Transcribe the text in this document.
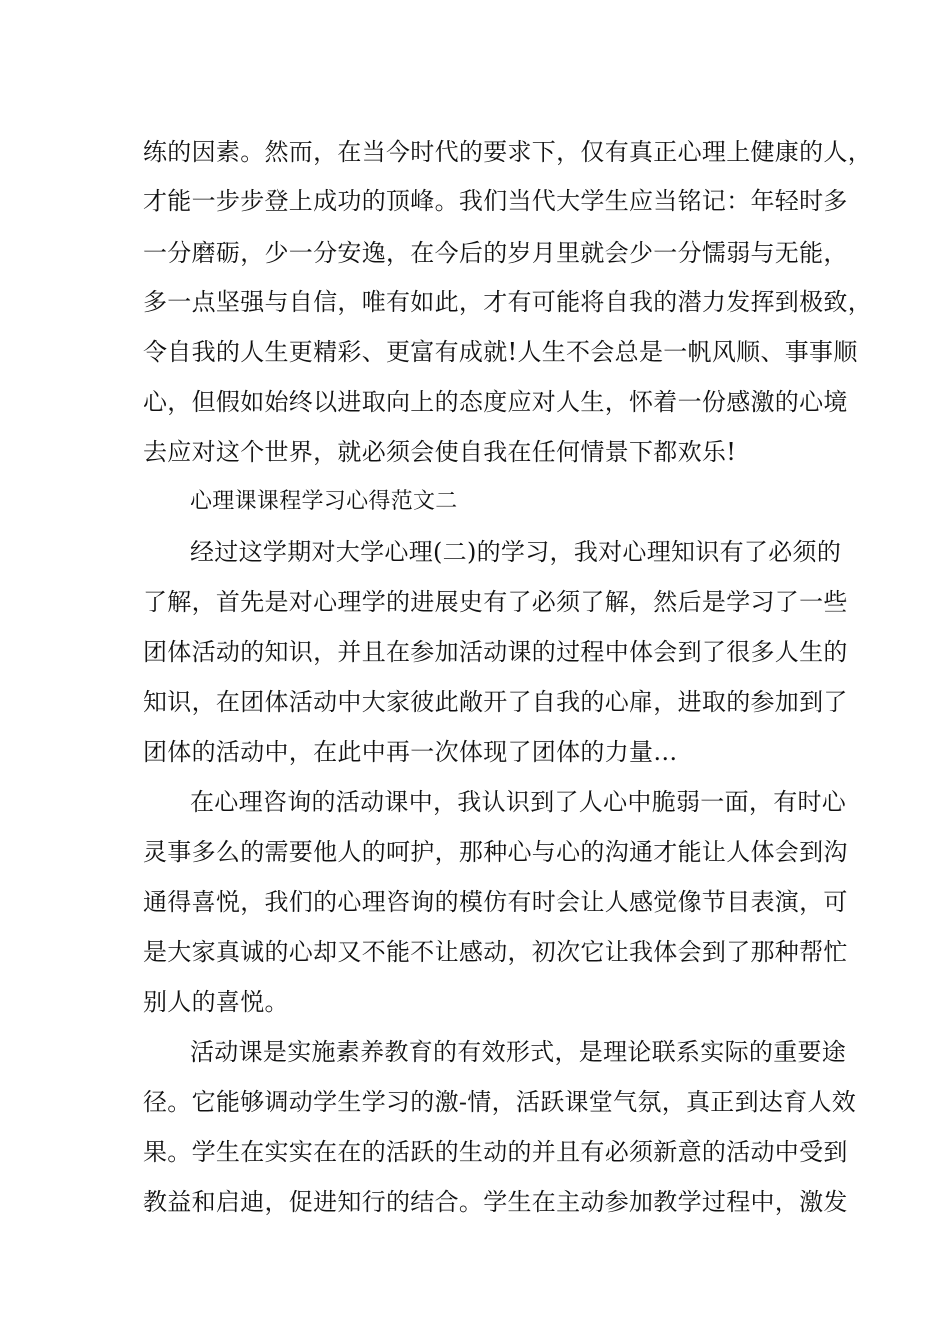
练的因素。然而，在当今时代的要求下，仅有真正心理上健康的人，
才能一步步登上成功的顶峰。我们当代大学生应当铭记：年轻时多
一分磨砺，少一分安逸，在今后的岁月里就会少一分懦弱与无能，
多一点坚强与自信，唯有如此，才有可能将自我的潜力发挥到极致，
令自我的人生更精彩、更富有成就!人生不会总是一帆风顺、事事顺
心，但假如始终以进取向上的态度应对人生，怀着一份感激的心境
去应对这个世界，就必须会使自我在任何情景下都欢乐!
心理课课程学习心得范文二
经过这学期对大学心理(二)的学习，我对心理知识有了必须的
了解，首先是对心理学的进展史有了必须了解，然后是学习了一些
团体活动的知识，并且在参加活动课的过程中体会到了很多人生的
知识，在团体活动中大家彼此敞开了自我的心扉，进取的参加到了
团体的活动中，在此中再一次体现了团体的力量…
在心理咨询的活动课中，我认识到了人心中脆弱一面，有时心
灵事多么的需要他人的呵护，那种心与心的沟通才能让人体会到沟
通得喜悦，我们的心理咨询的模仿有时会让人感觉像节目表演，可
是大家真诚的心却又不能不让感动，初次它让我体会到了那种帮忙
别人的喜悦。
活动课是实施素养教育的有效形式，是理论联系实际的重要途
径。它能够调动学生学习的激-情，活跃课堂气氛，真正到达育人效
果。学生在实实在在的活跃的生动的并且有必须新意的活动中受到
教益和启迪，促进知行的结合。学生在主动参加教学过程中，激发
